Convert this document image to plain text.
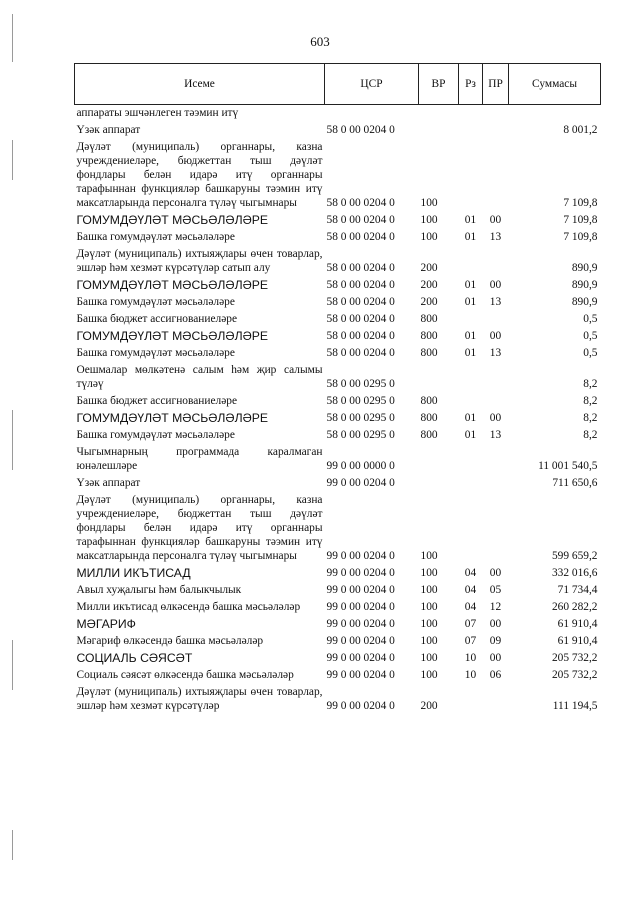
603
Исеме	ЦСР	ВР	Рз	ПР	Суммасы
аппараты эшчәнлеген тәэмин итү					
Үзәк аппарат	58 0 00 0204 0				8 001,2
Дәүләт (муниципаль) органнары, казна учреждениеләре, бюджеттан тыш дәүләт фондлары белән идарә итү органнары тарафыннан функцияләр башкаруны тәэмин итү максатларында персоналга түләү чыгымнары	58 0 00 0204 0	100			7 109,8
ГОМУМДӘҮЛӘТ МӘСЬӘЛӘЛӘРЕ	58 0 00 0204 0	100	01	00	7 109,8
Башка гомумдәүләт мәсьәләләре	58 0 00 0204 0	100	01	13	7 109,8
Дәүләт (муниципаль) ихтыяҗлары өчен товарлар, эшләр һәм хезмәт күрсәтүләр сатып алу	58 0 00 0204 0	200			890,9
ГОМУМДӘҮЛӘТ МӘСЬӘЛӘЛӘРЕ	58 0 00 0204 0	200	01	00	890,9
Башка гомумдәүләт мәсьәләләре	58 0 00 0204 0	200	01	13	890,9
Башка бюджет ассигнованиеләре	58 0 00 0204 0	800			0,5
ГОМУМДӘҮЛӘТ МӘСЬӘЛӘЛӘРЕ	58 0 00 0204 0	800	01	00	0,5
Башка гомумдәүләт мәсьәләләре	58 0 00 0204 0	800	01	13	0,5
Оешмалар мөлкәтенә салым һәм җир салымы түләү	58 0 00 0295 0				8,2
Башка бюджет ассигнованиеләре	58 0 00 0295 0	800			8,2
ГОМУМДӘҮЛӘТ МӘСЬӘЛӘЛӘРЕ	58 0 00 0295 0	800	01	00	8,2
Башка гомумдәүләт мәсьәләләре	58 0 00 0295 0	800	01	13	8,2
Чыгымнарның программада каралмаган юнәлешләре	99 0 00 0000 0				11 001 540,5
Үзәк аппарат	99 0 00 0204 0				711 650,6
Дәүләт (муниципаль) органнары, казна учреждениеләре, бюджеттан тыш дәүләт фондлары белән идарә итү органнары тарафыннан функцияләр башкаруны тәэмин итү максатларында персоналга түләү чыгымнары	99 0 00 0204 0	100			599 659,2
МИЛЛИ ИКЪТИСАД	99 0 00 0204 0	100	04	00	332 016,6
Авыл хуҗалыгы һәм балыкчылык	99 0 00 0204 0	100	04	05	71 734,4
Милли икътисад өлкәсендә башка мәсьәләләр	99 0 00 0204 0	100	04	12	260 282,2
МӘГАРИФ	99 0 00 0204 0	100	07	00	61 910,4
Мәгариф өлкәсендә башка мәсьәләләр	99 0 00 0204 0	100	07	09	61 910,4
СОЦИАЛЬ СӘЯСӘТ	99 0 00 0204 0	100	10	00	205 732,2
Социаль сәясәт өлкәсендә башка мәсьәләләр	99 0 00 0204 0	100	10	06	205 732,2
Дәүләт (муниципаль) ихтыяҗлары өчен товарлар, эшләр һәм хезмәт күрсәтүләр	99 0 00 0204 0	200			111 194,5
